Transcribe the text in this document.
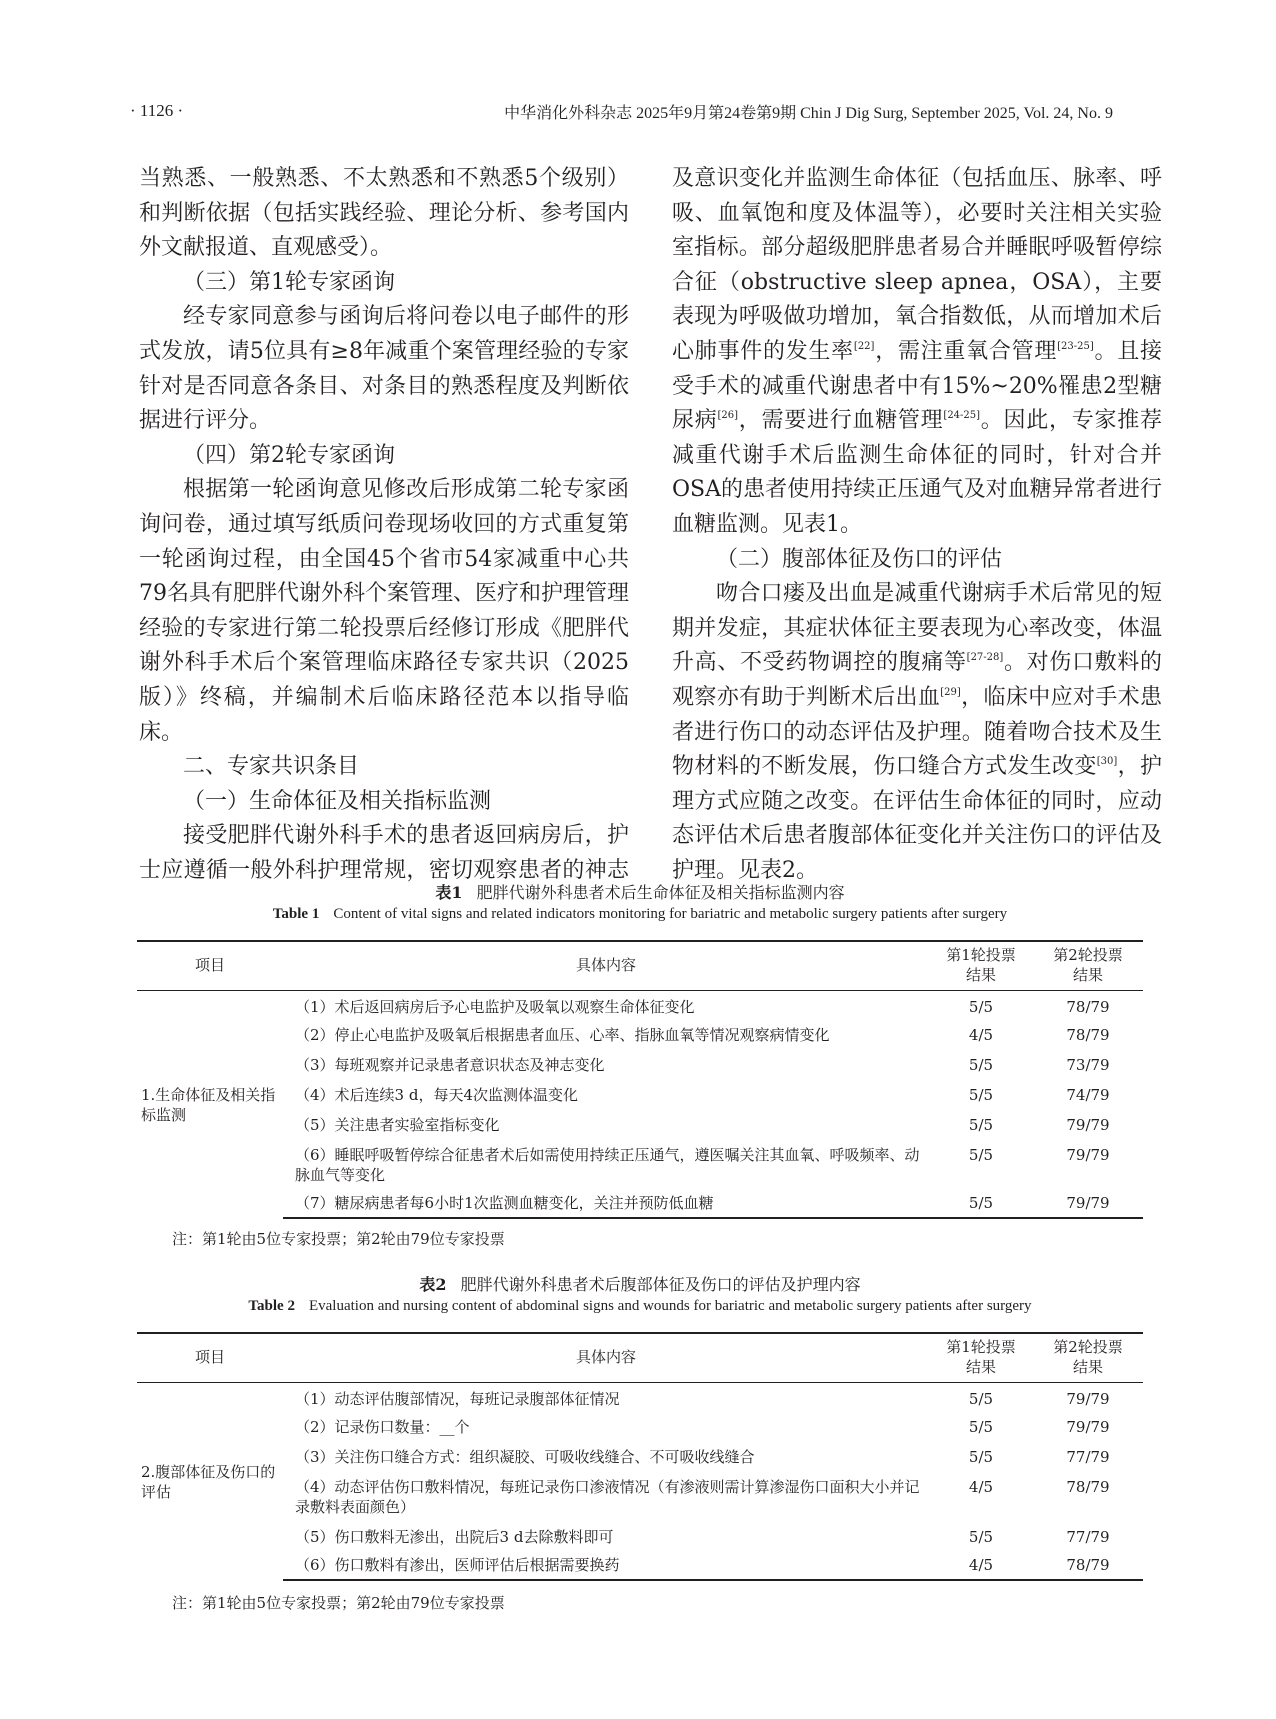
· 1126 ·	中华消化外科杂志 2025年9月第24卷第9期 Chin J Dig Surg, September 2025, Vol. 24, No. 9

当熟悉、一般熟悉、不太熟悉和不熟悉5个级别）和判断依据（包括实践经验、理论分析、参考国内外文献报道、直观感受）。

（三）第1轮专家函询

经专家同意参与函询后将问卷以电子邮件的形式发放，请5位具有≥8年减重个案管理经验的专家针对是否同意各条目、对条目的熟悉程度及判断依据进行评分。

（四）第2轮专家函询

根据第一轮函询意见修改后形成第二轮专家函询问卷，通过填写纸质问卷现场收回的方式重复第一轮函询过程，由全国45个省市54家减重中心共79名具有肥胖代谢外科个案管理、医疗和护理管理经验的专家进行第二轮投票后经修订形成《肥胖代谢外科手术后个案管理临床路径专家共识（2025版）》终稿，并编制术后临床路径范本以指导临床。

二、专家共识条目

（一）生命体征及相关指标监测

接受肥胖代谢外科手术的患者返回病房后，护士应遵循一般外科护理常规，密切观察患者的神志

及意识变化并监测生命体征（包括血压、脉率、呼吸、血氧饱和度及体温等），必要时关注相关实验室指标。部分超级肥胖患者易合并睡眠呼吸暂停综合征（obstructive sleep apnea，OSA），主要表现为呼吸做功增加，氧合指数低，从而增加术后心肺事件的发生率[22]，需注重氧合管理[23-25]。且接受手术的减重代谢患者中有15%~20%罹患2型糖尿病[26]，需要进行血糖管理[24-25]。因此，专家推荐减重代谢手术后监测生命体征的同时，针对合并OSA的患者使用持续正压通气及对血糖异常者进行血糖监测。见表1。

（二）腹部体征及伤口的评估

吻合口瘘及出血是减重代谢病手术后常见的短期并发症，其症状体征主要表现为心率改变，体温升高、不受药物调控的腹痛等[27-28]。对伤口敷料的观察亦有助于判断术后出血[29]，临床中应对手术患者进行伤口的动态评估及护理。随着吻合技术及生物材料的不断发展，伤口缝合方式发生改变[30]，护理方式应随之改变。在评估生命体征的同时，应动态评估术后患者腹部体征变化并关注伤口的评估及护理。见表2。

表1 肥胖代谢外科患者术后生命体征及相关指标监测内容
Table 1 Content of vital signs and related indicators monitoring for bariatric and metabolic surgery patients after surgery
项目	具体内容	第1轮投票结果	第2轮投票结果
1.生命体征及相关指标监测	（1）术后返回病房后予心电监护及吸氧以观察生命体征变化	5/5	78/79
	（2）停止心电监护及吸氧后根据患者血压、心率、指脉血氧等情况观察病情变化	4/5	78/79
	（3）每班观察并记录患者意识状态及神志变化	5/5	73/79
	（4）术后连续3 d，每天4次监测体温变化	5/5	74/79
	（5）关注患者实验室指标变化	5/5	79/79
	（6）睡眠呼吸暂停综合征患者术后如需使用持续正压通气，遵医嘱关注其血氧、呼吸频率、动脉血气等变化	5/5	79/79
	（7）糖尿病患者每6小时1次监测血糖变化，关注并预防低血糖	5/5	79/79
注：第1轮由5位专家投票；第2轮由79位专家投票
表2 肥胖代谢外科患者术后腹部体征及伤口的评估及护理内容
Table 2 Evaluation and nursing content of abdominal signs and wounds for bariatric and metabolic surgery patients after surgery
项目	具体内容	第1轮投票结果	第2轮投票结果
2.腹部体征及伤口的评估	（1）动态评估腹部情况，每班记录腹部体征情况	5/5	79/79
	（2）记录伤口数量：__个	5/5	79/79
	（3）关注伤口缝合方式：组织凝胶、可吸收线缝合、不可吸收线缝合	5/5	77/79
	（4）动态评估伤口敷料情况，每班记录伤口渗液情况（有渗液则需计算渗湿伤口面积大小并记录敷料表面颜色）	4/5	78/79
	（5）伤口敷料无渗出，出院后3 d去除敷料即可	5/5	77/79
	（6）伤口敷料有渗出，医师评估后根据需要换药	4/5	78/79
注：第1轮由5位专家投票；第2轮由79位专家投票
